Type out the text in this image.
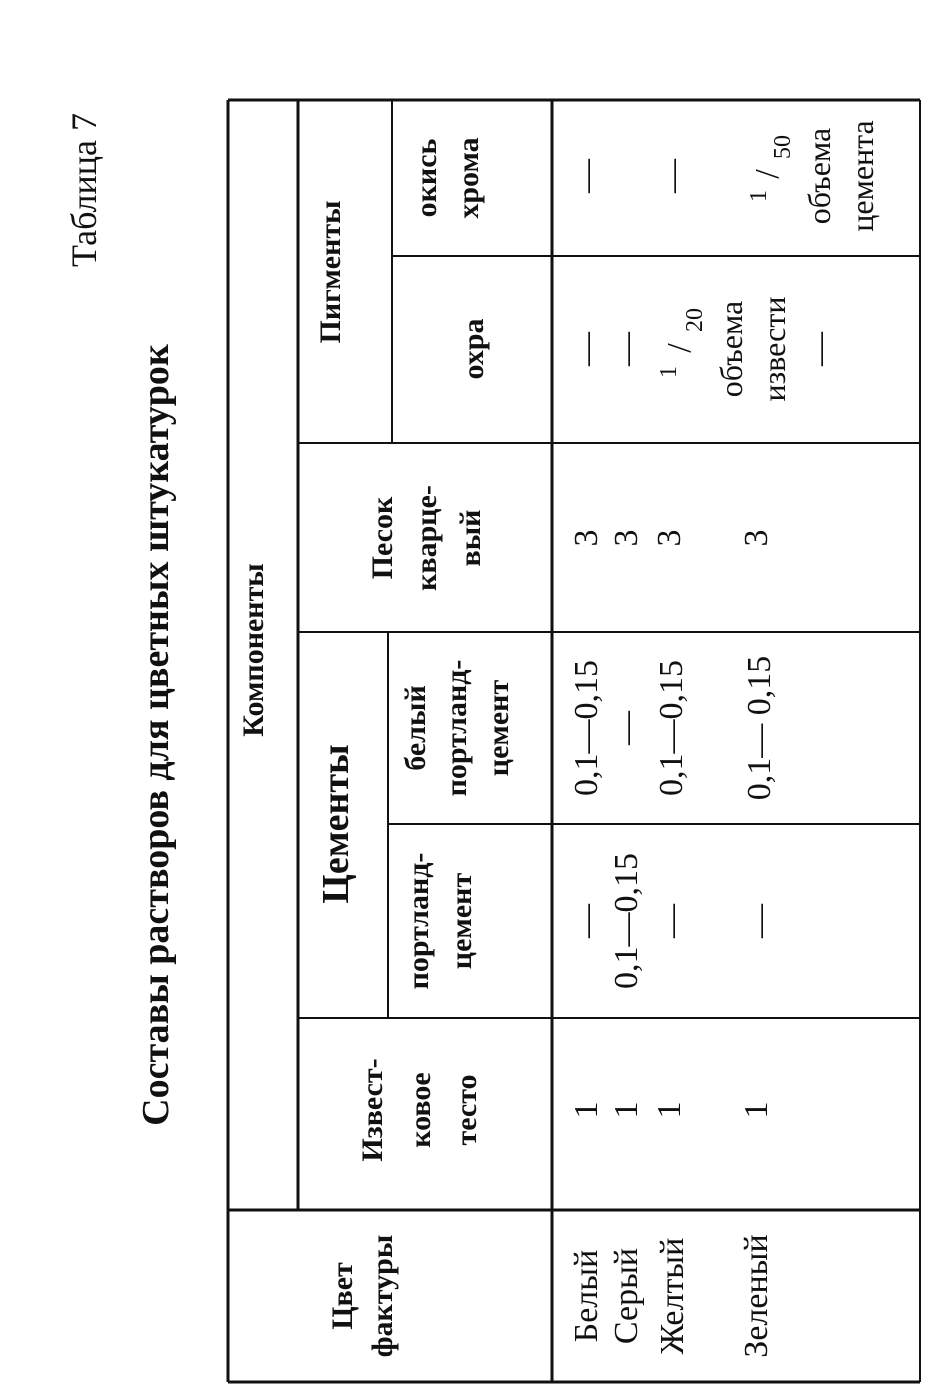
Таблица 7
Составы растворов для цветных штукатурок
Цвет фактуры
Компоненты
Извест- ковое тесто
Цементы
портланд- цемент
белый портланд- цемент
Песок кварце- вый
Пигменты
охра
окись хрома
Белый Серый Желтый Зеленый
1 1 1 1
— 0,1—0,15 — —
0,1—0,15 — 0,1—0,15 0,1— 0,15
3 3 3 3
— —
1
/
20 объема извести —
— —
1
/
50 объема цемента
